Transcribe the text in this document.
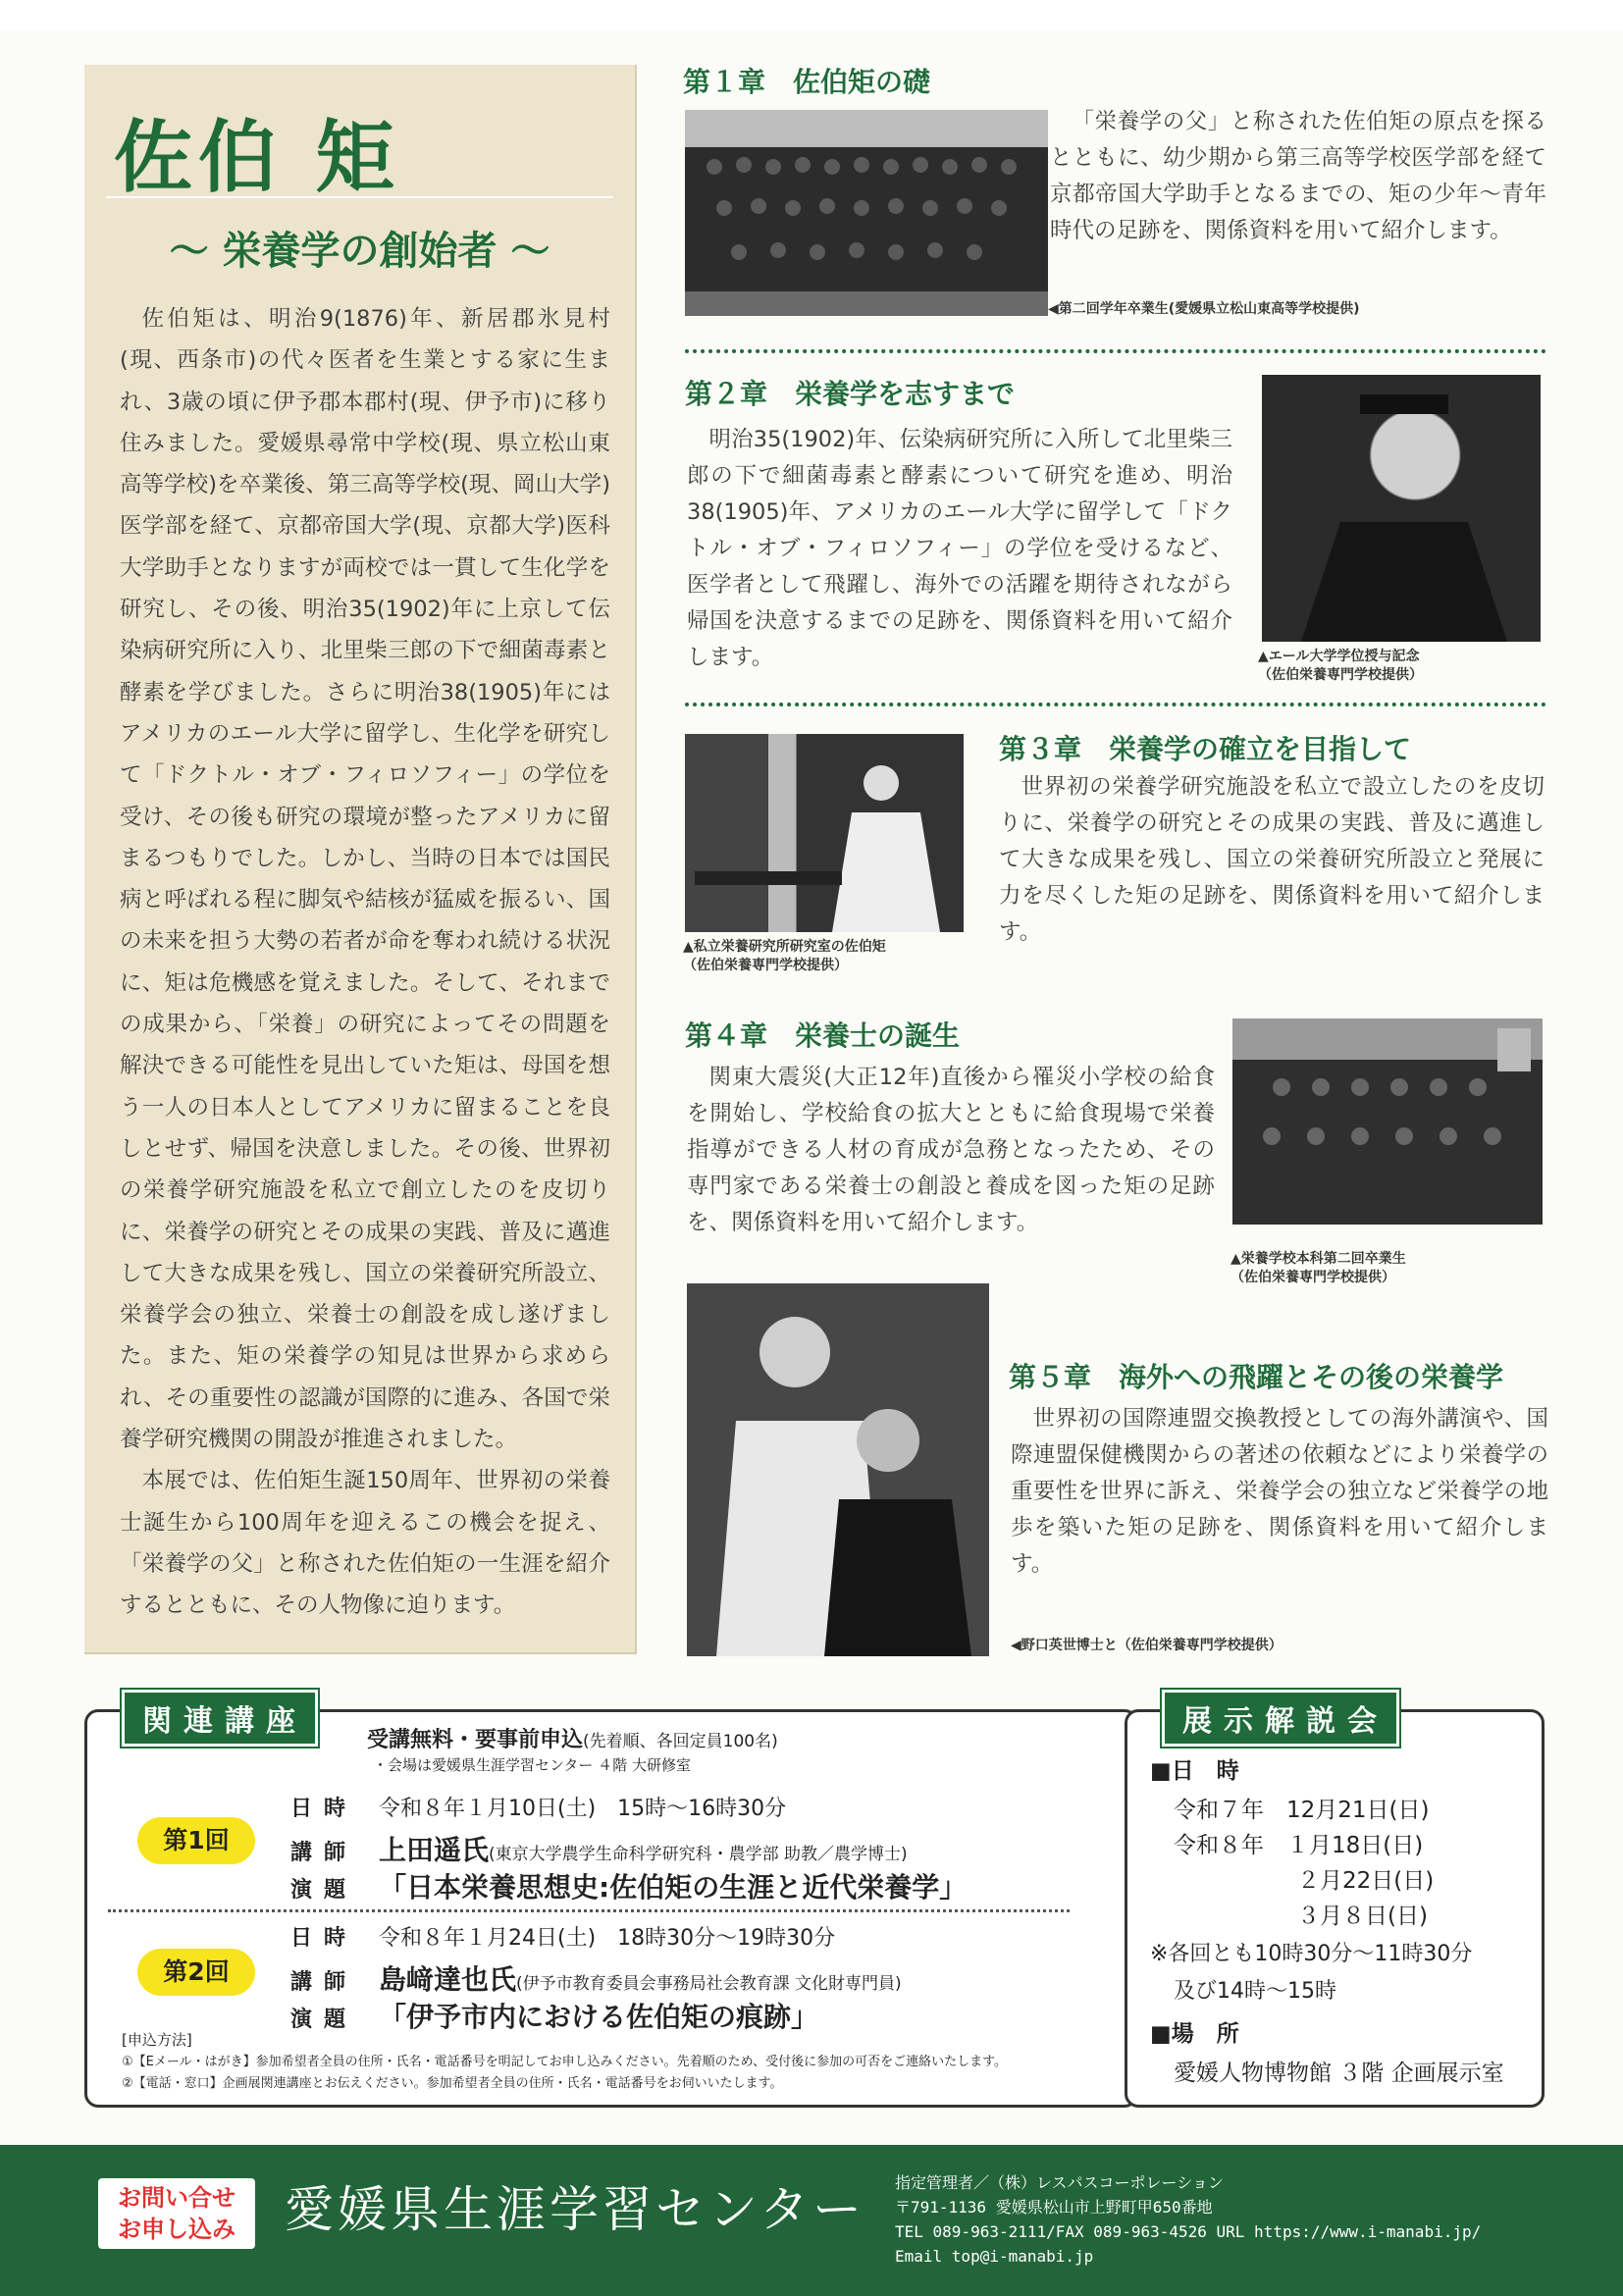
佐伯 矩
～ 栄養学の創始者 ～

佐伯矩は、明治9(1876)年、新居郡氷見村(現、西条市)の代々医者を生業とする家に生まれ、3歳の頃に伊予郡本郡村(現、伊予市)に移り住みました。愛媛県尋常中学校(現、県立松山東高等学校)を卒業後、第三高等学校(現、岡山大学)医学部を経て、京都帝国大学(現、京都大学)医科大学助手となりますが両校では一貫して生化学を研究し、その後、明治35(1902)年に上京して伝染病研究所に入り、北里柴三郎の下で細菌毒素と酵素を学びました。さらに明治38(1905)年にはアメリカのエール大学に留学し、生化学を研究して「ドクトル・オブ・フィロソフィー」の学位を受け、その後も研究の環境が整ったアメリカに留まるつもりでした。しかし、当時の日本では国民病と呼ばれる程に脚気や結核が猛威を振るい、国の未来を担う大勢の若者が命を奪われ続ける状況に、矩は危機感を覚えました。そして、それまでの成果から、「栄養」の研究によってその問題を解決できる可能性を見出していた矩は、母国を想う一人の日本人としてアメリカに留まることを良しとせず、帰国を決意しました。その後、世界初の栄養学研究施設を私立で創立したのを皮切りに、栄養学の研究とその成果の実践、普及に邁進して大きな成果を残し、国立の栄養研究所設立、栄養学会の独立、栄養士の創設を成し遂げました。また、矩の栄養学の知見は世界から求められ、その重要性の認識が国際的に進み、各国で栄養学研究機関の開設が推進されました。

本展では、佐伯矩生誕150周年、世界初の栄養士誕生から100周年を迎えるこの機会を捉え、「栄養学の父」と称された佐伯矩の一生涯を紹介するとともに、その人物像に迫ります。

第１章　佐伯矩の礎
「栄養学の父」と称された佐伯矩の原点を探るとともに、幼少期から第三高等学校医学部を経て京都帝国大学助手となるまでの、矩の少年～青年時代の足跡を、関係資料を用いて紹介します。
◀第二回学年卒業生(愛媛県立松山東高等学校提供)
第２章　栄養学を志すまで
明治35(1902)年、伝染病研究所に入所して北里柴三郎の下で細菌毒素と酵素について研究を進め、明治38(1905)年、アメリカのエール大学に留学して「ドクトル・オブ・フィロソフィー」の学位を受けるなど、医学者として飛躍し、海外での活躍を期待されながら帰国を決意するまでの足跡を、関係資料を用いて紹介します。	▲エール大学学位授与記念
（佐伯栄養専門学校提供）
▲私立栄養研究所研究室の佐伯矩
（佐伯栄養専門学校提供）
第３章　栄養学の確立を目指して
世界初の栄養学研究施設を私立で設立したのを皮切りに、栄養学の研究とその成果の実践、普及に邁進して大きな成果を残し、国立の栄養研究所設立と発展に力を尽くした矩の足跡を、関係資料を用いて紹介します。
第４章　栄養士の誕生
関東大震災(大正12年)直後から罹災小学校の給食を開始し、学校給食の拡大とともに給食現場で栄養指導ができる人材の育成が急務となったため、その専門家である栄養士の創設と養成を図った矩の足跡を、関係資料を用いて紹介します。
▲栄養学校本科第二回卒業生
（佐伯栄養専門学校提供）
第５章　海外への飛躍とその後の栄養学
世界初の国際連盟交換教授としての海外講演や、国際連盟保健機関からの著述の依頼などにより栄養学の重要性を世界に訴え、栄養学会の独立など栄養学の地歩を築いた矩の足跡を、関係資料を用いて紹介します。
◀野口英世博士と（佐伯栄養専門学校提供）
関連講座
受講無料・要事前申込(先着順、各回定員100名)
・会場は愛媛県生涯学習センター ４階 大研修室
第1回
日時 令和８年１月10日(土)　15時～16時30分
講師 上田遥氏(東京大学農学生命科学研究科・農学部 助教／農学博士)
演題 「日本栄養思想史:佐伯矩の生涯と近代栄養学」
第2回
日時 令和８年１月24日(土)　18時30分～19時30分
講師 島﨑達也氏(伊予市教育委員会事務局社会教育課 文化財専門員)
演題 「伊予市内における佐伯矩の痕跡」
[申込方法]
①【Eメール・はがき】参加希望者全員の住所・氏名・電話番号を明記してお申し込みください。先着順のため、受付後に参加の可否をご連絡いたします。
②【電話・窓口】企画展関連講座とお伝えください。参加希望者全員の住所・氏名・電話番号をお伺いいたします。
展示解説会
■日　時
令和７年　12月21日(日)
令和８年　１月18日(日)
２月22日(日)
３月８日(日)
※各回とも10時30分～11時30分
及び14時～15時
■場　所
愛媛人物博物館 ３階 企画展示室
お問い合せ
お申し込み	愛媛県生涯学習センター 指定管理者／（株）レスパスコーポレーション
〒791-1136 愛媛県松山市上野町甲650番地
TEL 089-963-2111/FAX 089-963-4526 URL https://www.i-manabi.jp/
Email top@i-manabi.jp
